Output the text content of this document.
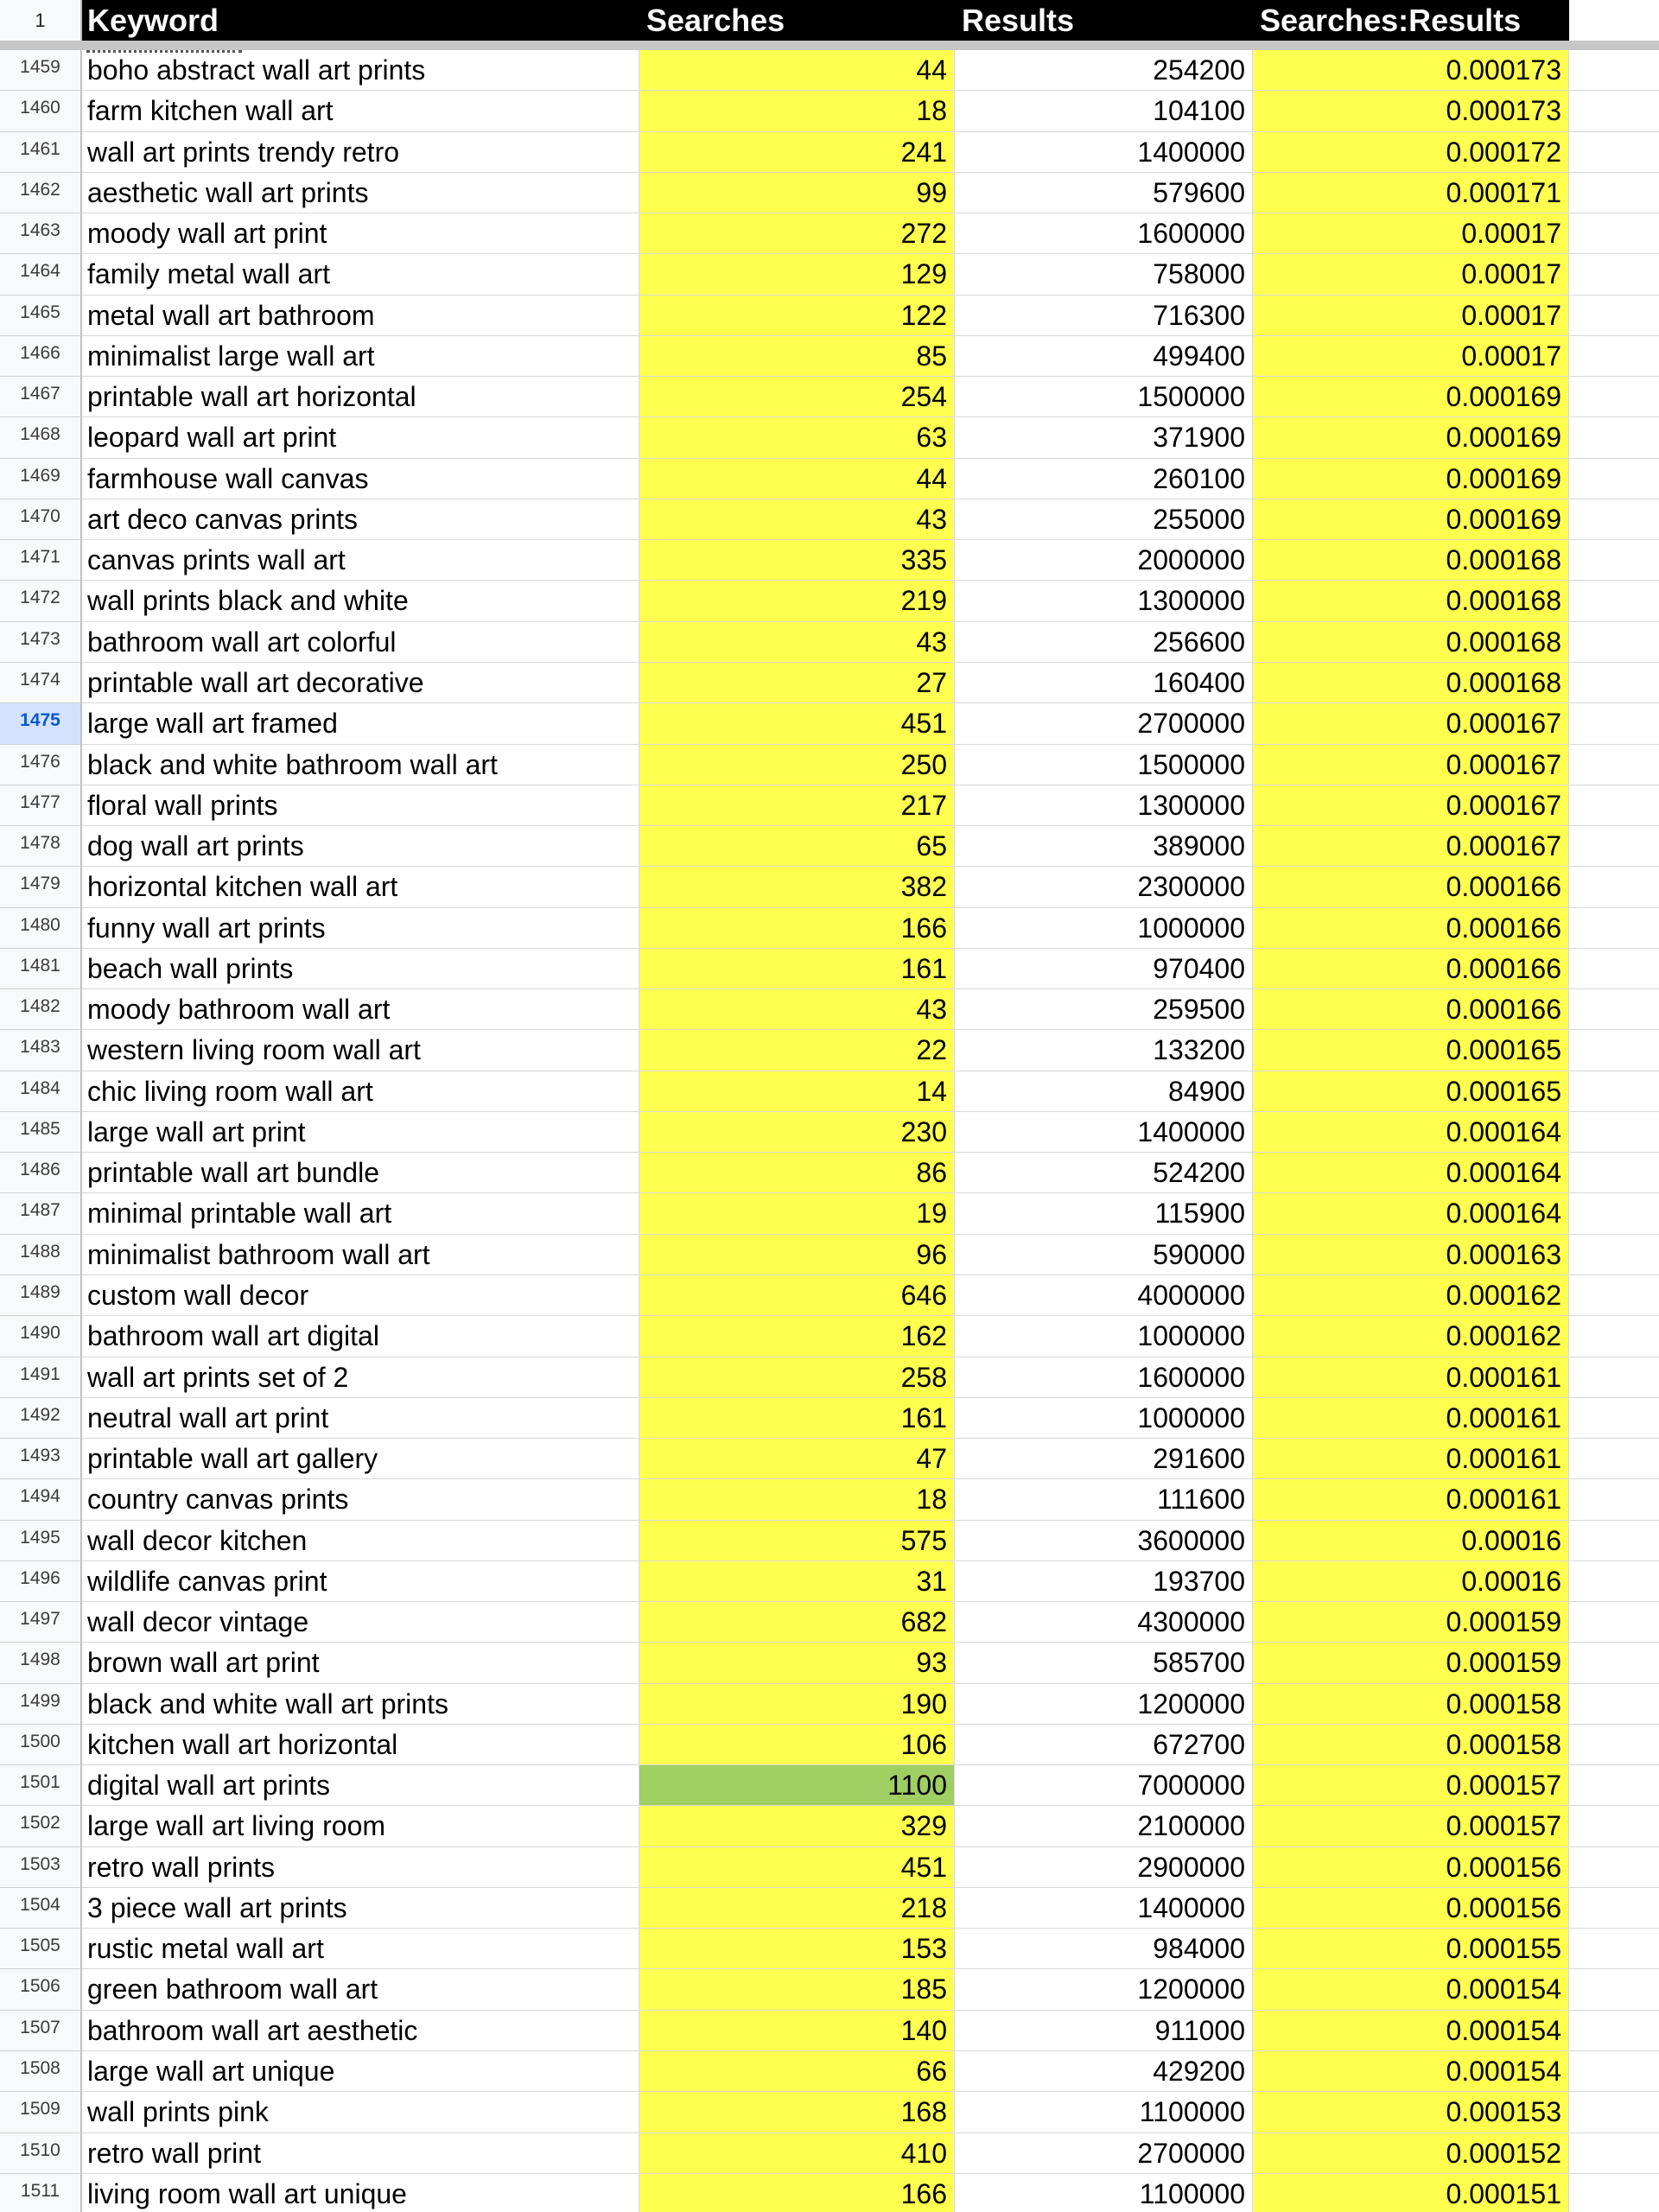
1	Keyword	Searches	Results	Searches:Results
1459 boho abstract wall art prints	44	254200	0.000173
1460 farm kitchen wall art	18	104100	0.000173
1461 wall art prints trendy retro	241	1400000	0.000172
1462 aesthetic wall art prints	99	579600	0.000171
1463 moody wall art print	272	1600000	0.00017
1464 family metal wall art	129	758000	0.00017
1465 metal wall art bathroom	122	716300	0.00017
1466 minimalist large wall art	85	499400	0.00017
1467 printable wall art horizontal	254	1500000	0.000169
1468 leopard wall art print	63	371900	0.000169
1469 farmhouse wall canvas	44	260100	0.000169
1470 art deco canvas prints	43	255000	0.000169
1471 canvas prints wall art	335	2000000	0.000168
1472 wall prints black and white	219	1300000	0.000168
1473 bathroom wall art colorful	43	256600	0.000168
1474 printable wall art decorative	27	160400	0.000168
1475 large wall art framed	451	2700000	0.000167
1476 black and white bathroom wall art	250	1500000	0.000167
1477 floral wall prints	217	1300000	0.000167
1478 dog wall art prints	65	389000	0.000167
1479 horizontal kitchen wall art	382	2300000	0.000166
1480 funny wall art prints	166	1000000	0.000166
1481 beach wall prints	161	970400	0.000166
1482 moody bathroom wall art	43	259500	0.000166
1483 western living room wall art	22	133200	0.000165
1484 chic living room wall art	14	84900	0.000165
1485 large wall art print	230	1400000	0.000164
1486 printable wall art bundle	86	524200	0.000164
1487 minimal printable wall art	19	115900	0.000164
1488 minimalist bathroom wall art	96	590000	0.000163
1489 custom wall decor	646	4000000	0.000162
1490 bathroom wall art digital	162	1000000	0.000162
1491 wall art prints set of 2	258	1600000	0.000161
1492 neutral wall art print	161	1000000	0.000161
1493 printable wall art gallery	47	291600	0.000161
1494 country canvas prints	18	111600	0.000161
1495 wall decor kitchen	575	3600000	0.00016
1496 wildlife canvas print	31	193700	0.00016
1497 wall decor vintage	682	4300000	0.000159
1498 brown wall art print	93	585700	0.000159
1499 black and white wall art prints	190	1200000	0.000158
1500 kitchen wall art horizontal	106	672700	0.000158
1501 digital wall art prints	1100	7000000	0.000157
1502 large wall art living room	329	2100000	0.000157
1503 retro wall prints	451	2900000	0.000156
1504 3 piece wall art prints	218	1400000	0.000156
1505 rustic metal wall art	153	984000	0.000155
1506 green bathroom wall art	185	1200000	0.000154
1507 bathroom wall art aesthetic	140	911000	0.000154
1508 large wall art unique	66	429200	0.000154
1509 wall prints pink	168	1100000	0.000153
1510 retro wall print	410	2700000	0.000152
1511 living room wall art unique	166	1100000	0.000151
